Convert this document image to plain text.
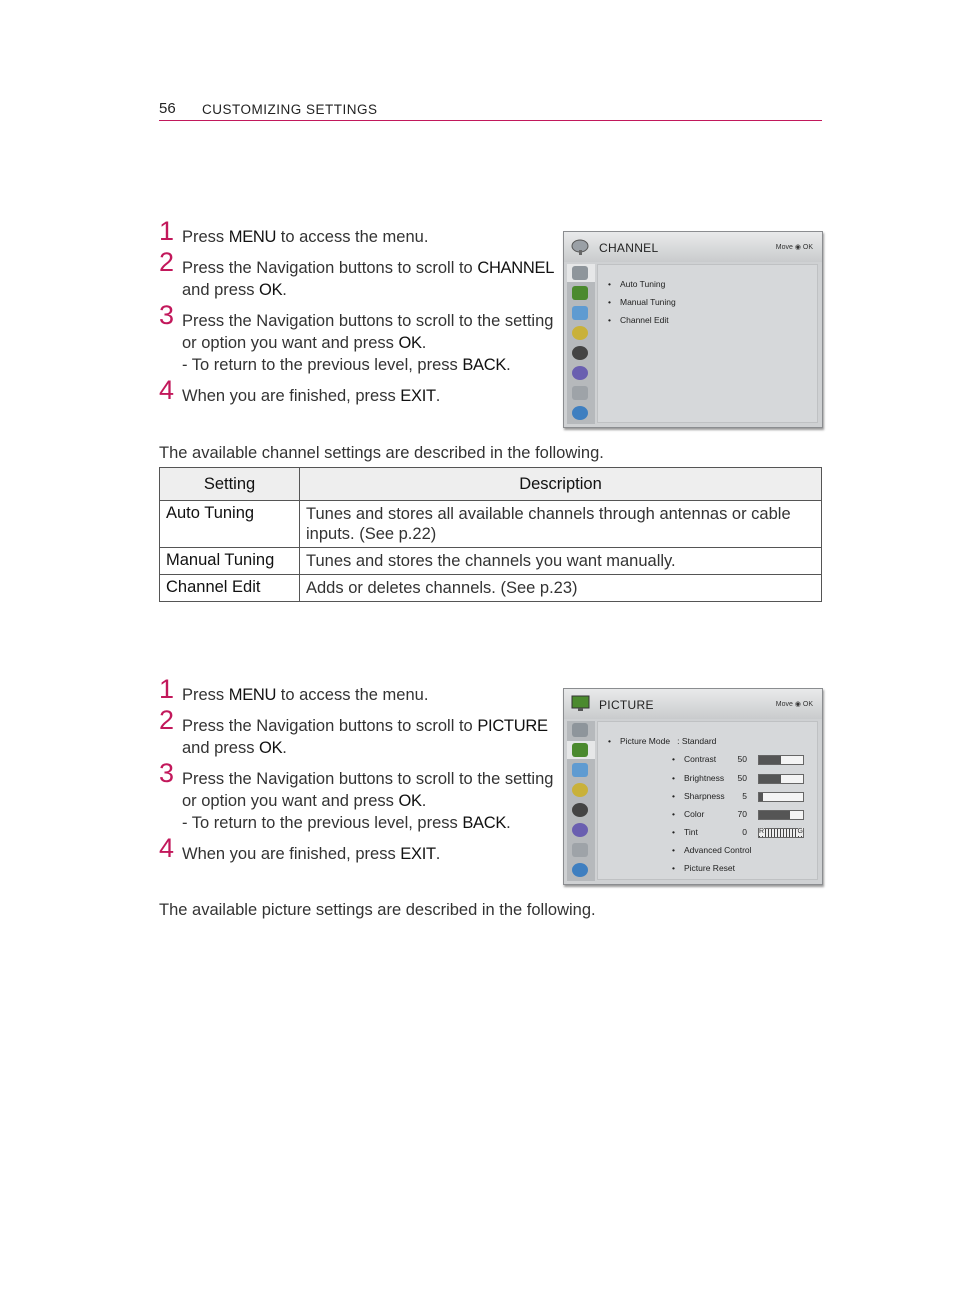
56 CUSTOMIZING SETTINGS
1 Press MENU to access the menu.
2 Press the Navigation buttons to scroll to CHANNEL and press OK.
3 Press the Navigation buttons to scroll to the setting or option you want and press OK.
- To return to the previous level, press BACK.
4 When you are finished, press EXIT.
CHANNEL	Move ◉ OK
• Auto Tuning
• Manual Tuning
• Channel Edit
The available channel settings are described in the following.
Setting	Description
Auto Tuning	Tunes and stores all available channels through antennas or cable inputs. (See p.22)
Manual Tuning	Tunes and stores the channels you want manually.
Channel Edit	Adds or deletes channels. (See p.23)
1 Press MENU to access the menu.
2 Press the Navigation buttons to scroll to PICTURE and press OK.
3 Press the Navigation buttons to scroll to the setting or option you want and press OK.
- To return to the previous level, press BACK.
4 When you are finished, press EXIT.
PICTURE	Move ◉ OK
• Picture Mode : Standard
• Contrast	50
• Brightness	50
• Sharpness	5
• Color	70
• Tint	0 R	G
• Advanced Control
• Picture Reset
The available picture settings are described in the following.
